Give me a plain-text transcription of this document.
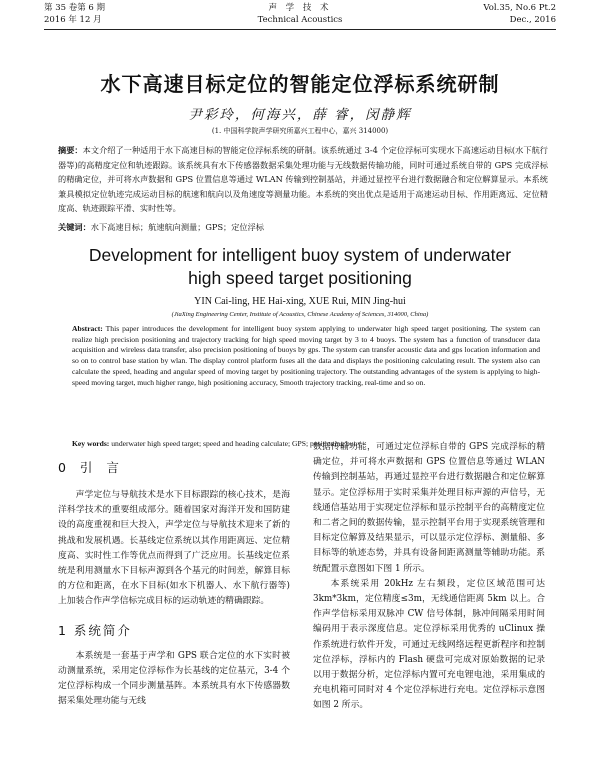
第 35 卷第 6 期
2016 年 12 月
声 学 技 术
Technical Acoustics
Vol.35, No.6 Pt.2
Dec., 2016
水下高速目标定位的智能定位浮标系统研制
尹彩玲，何海兴，薛 睿，闵静辉
(1. 中国科学院声学研究所嘉兴工程中心，嘉兴 314000)
摘要：本文介绍了一种适用于水下高速目标的智能定位浮标系统的研制。该系统通过 3-4 个定位浮标可实现水下高速运动目标(水下航行器等)的高精度定位和轨迹跟踪。该系统具有水下传感器数据采集处理功能与无线数据传输功能，同时可通过系统自带的 GPS 完成浮标的精确定位，并可将水声数据和 GPS 位置信息等通过 WLAN 传输到控制基站，并通过显控平台进行数据融合和定位解算显示。本系统兼具模拟定位轨迹完成运动目标的航速和航向以及角速度等测量功能。本系统的突出优点是适用于高速运动目标、作用距离远、定位精度高、轨迹跟踪平滑、实时性等。
关键词：水下高速目标；航速航向测量；GPS；定位浮标
Development for intelligent buoy system of underwater high speed target positioning
YIN Cai-ling, HE Hai-xing, XUE Rui, MIN Jing-hui
(JiaXing Engineering Center, Institute of Acoustics, Chinese Academy of Sciences, 314000, China)
Abstract: This paper introduces the development for intelligent buoy system applying to underwater high speed target positioning. The system can realize high precision positioning and trajectory tracking for high speed moving target by 3 to 4 buoys. The system has a function of transducer data acquisition and wireless data transfer, also precision positioning of buoys by gps. The system can transfer acoustic data and gps location information and so on to control base station by wlan. The display control platform fuses all the data and displays the positioning calculating result. The system also can calculate the speed, heading and angular speed of moving target by positioning trajectory. The outstanding advantages of the system is applying to high-speed moving target, much higher range, high positioning accuracy, Smooth trajectory tracking, real-time and so on.
Key words: underwater high speed target; speed and heading calculate; GPS; positioning buoy
0 引 言

声学定位与导航技术是水下目标跟踪的核心技术，是海洋科学技术的重要组成部分。随着国家对海洋开发和国防建设的高度重视和巨大投入，声学定位与导航技术迎来了新的挑战和发展机遇。长基线定位系统以其作用距离远、定位精度高、实时性工作等优点而得到了广泛应用。长基线定位系统是利用测量水下目标声源到各个基元的时间差，解算目标的方位和距离，在水下目标(如水下机器人、水下航行器等)上加装合作声学信标完成目标的运动轨迹的精确跟踪。

1 系统简介

本系统是一套基于声学和 GPS 联合定位的水下实时被动测量系统，采用定位浮标作为长基线的定位基元，3-4 个定位浮标构成一个同步测量基阵。本系统具有水下传感器数据采集处理功能与无线

数据传输功能，可通过定位浮标自带的 GPS 完成浮标的精确定位，并可将水声数据和 GPS 位置信息等通过 WLAN 传输到控制基站，再通过显控平台进行数据融合和定位解算显示。定位浮标用于实时采集并处理目标声源的声信号，无线通信基站用于实现定位浮标和显示控制平台的高精度定位和二者之间的数据传输，显示控制平台用于实现系统管理和目标定位解算及结果显示，可以显示定位浮标、测量船、多目标等的轨迹态势，并具有设备间距离测量等辅助功能。系统配置示意图如下图 1 所示。

本系统采用 20kHz 左右频段，定位区域范围可达 3km*3km，定位精度≤3m，无线通信距离 5km 以上。合作声学信标采用双脉冲 CW 信号体制，脉冲间隔采用时间编码用于表示深度信息。定位浮标采用优秀的 uClinux 操作系统进行软件开发，可通过无线网络远程更新程序和控制定位浮标，浮标内的 Flash 硬盘可完成对原始数据的记录以用于数据分析，定位浮标内置可充电锂电池，采用集成的充电机箱可同时对 4 个定位浮标进行充电。定位浮标示意图如图 2 所示。
